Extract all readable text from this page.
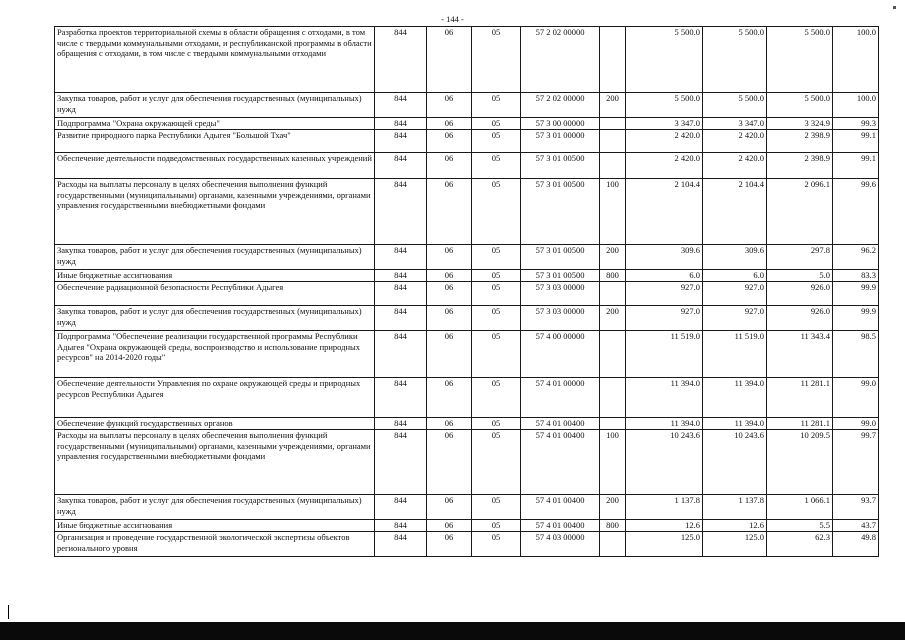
- 144 -
Разработка проектов территориальной схемы в области обращения с отходами, в том числе с твердыми коммунальными отходами, и республиканской программы в области обращения с отходами, в том числе с твердыми коммунальными отходами	844	06	05	57 2 02 00000		5 500.0	5 500.0	5 500.0	100.0
Закупка товаров, работ и услуг для обеспечения государственных (муниципальных) нужд	844	06	05	57 2 02 00000	200	5 500.0	5 500.0	5 500.0	100.0
Подпрограмма "Охрана окружающей среды"	844	06	05	57 3 00 00000		3 347.0	3 347.0	3 324.9	99.3
Развитие природного парка Республики Адыгея "Большой Тхач"	844	06	05	57 3 01 00000		2 420.0	2 420.0	2 398.9	99.1
Обеспечение деятельности подведомственных государственных казенных учреждений	844	06	05	57 3 01 00500		2 420.0	2 420.0	2 398.9	99.1
Расходы на выплаты персоналу в целях обеспечения выполнения функций государственными (муниципальными) органами, казенными учреждениями, органами управления государственными внебюджетными фондами	844	06	05	57 3 01 00500	100	2 104.4	2 104.4	2 096.1	99.6
Закупка товаров, работ и услуг для обеспечения государственных (муниципальных) нужд	844	06	05	57 3 01 00500	200	309.6	309.6	297.8	96.2
Иные бюджетные ассигнования	844	06	05	57 3 01 00500	800	6.0	6.0	5.0	83.3
Обеспечение радиационной безопасности Республики Адыгея	844	06	05	57 3 03 00000		927.0	927.0	926.0	99.9
Закупка товаров, работ и услуг для обеспечения государственных (муниципальных) нужд	844	06	05	57 3 03 00000	200	927.0	927.0	926.0	99.9
Подпрограмма "Обеспечение реализации государственной программы Республики Адыгея "Охрана окружающей среды, воспроизводство и использование природных ресурсов" на 2014-2020 годы"	844	06	05	57 4 00 00000		11 519.0	11 519.0	11 343.4	98.5
Обеспечение деятельности Управления по охране окружающей среды и природных ресурсов Республики Адыгея	844	06	05	57 4 01 00000		11 394.0	11 394.0	11 281.1	99.0
Обеспечение функций государственных органов	844	06	05	57 4 01 00400		11 394.0	11 394.0	11 281.1	99.0
Расходы на выплаты персоналу в целях обеспечения выполнения функций государственными (муниципальными) органами, казенными учреждениями, органами управления государственными внебюджетными фондами	844	06	05	57 4 01 00400	100	10 243.6	10 243.6	10 209.5	99.7
Закупка товаров, работ и услуг для обеспечения государственных (муниципальных) нужд	844	06	05	57 4 01 00400	200	1 137.8	1 137.8	1 066.1	93.7
Иные бюджетные ассигнования	844	06	05	57 4 01 00400	800	12.6	12.6	5.5	43.7
Организация и проведение государственной экологической экспертизы объектов регионального уровня	844	06	05	57 4 03 00000		125.0	125.0	62.3	49.8
